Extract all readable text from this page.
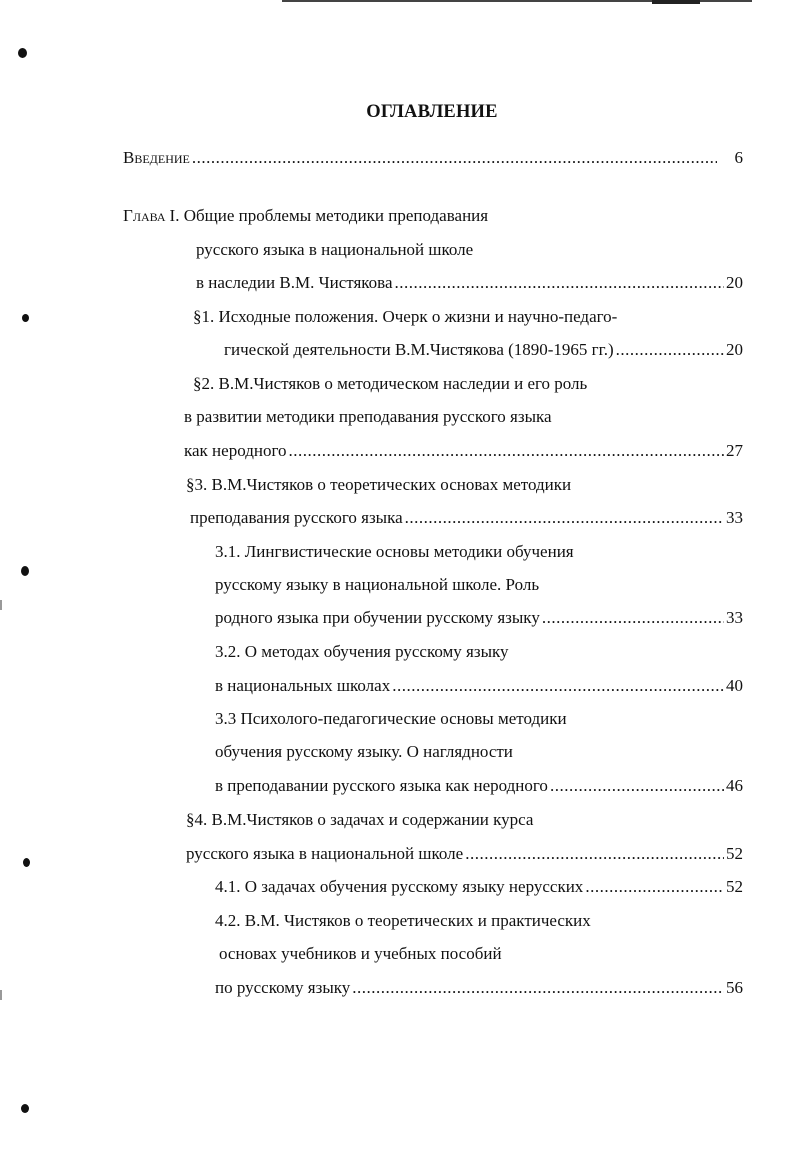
ОГЛАВЛЕНИЕ
Введение .....	6
Глава I. Общие проблемы методики преподавания
русского языка в национальной школе
в наследии В.М. Чистякова .....	20
§1. Исходные положения. Очерк о жизни и научно-педаго-
гической деятельности В.М.Чистякова (1890-1965 гг.) .....	20
§2. В.М.Чистяков о методическом наследии и его роль
в развитии методики преподавания русского языка
как неродного .....	27
§3. В.М.Чистяков о теоретических основах методики
преподавания русского языка .....	33
3.1. Лингвистические основы методики обучения
русскому языку в национальной школе. Роль
родного языка при обучении русскому языку .....	33
3.2. О методах обучения русскому языку
в национальных школах .....	40
3.3 Психолого-педагогические основы методики
обучения русскому языку. О наглядности
в преподавании русского языка как неродного .....	46
§4. В.М.Чистяков о задачах и содержании курса
русского языка в национальной школе .....	52
4.1. О задачах обучения русскому языку нерусских .....	52
4.2. В.М. Чистяков о теоретических и практических
основах учебников и учебных пособий
по русскому языку .....	56
